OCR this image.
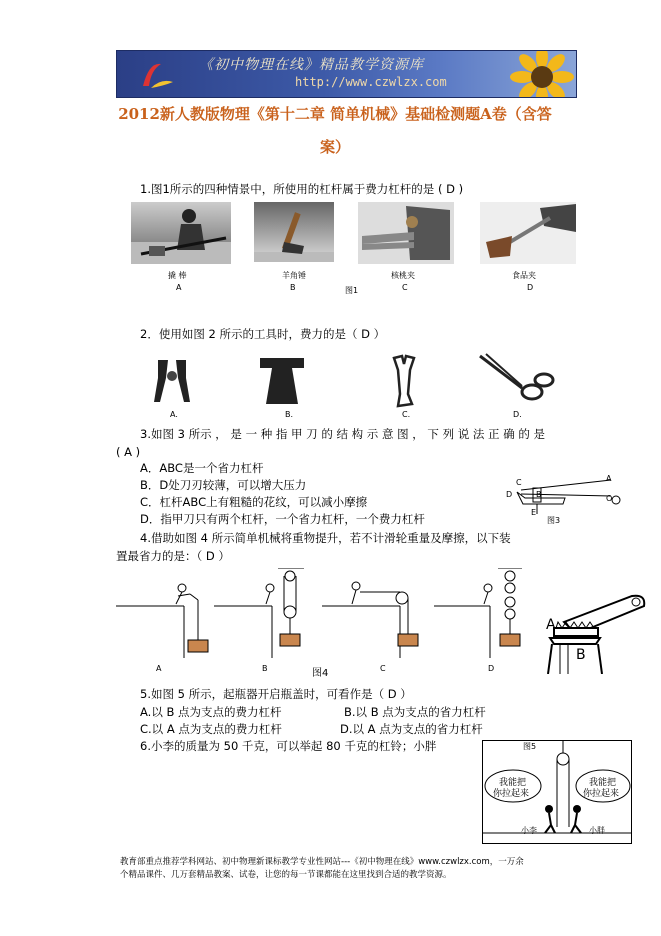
《初中物理在线》精品教学资源库
http://www.czwlzx.com
2012新人教版物理《第十二章 简单机械》基础检测题A卷（含答
案）
1.图1所示的四种情景中，所使用的杠杆属于费力杠杆的是 ( D )
撬 棒	羊角锤	核桃夹	食品夹
A	B	图1	C	D
2．使用如图 2 所示的工具时，费力的是（ D ）
A.	B.	C.	D.
3.如图 3 所示 ， 是 一 种 指 甲 刀 的 结 构 示 意 图 ， 下 列 说 法 正 确 的 是
( A )
A．ABC是一个省力杠杆
B．D处刀刃较薄，可以增大压力
C．杠杆ABC上有粗糙的花纹，可以减小摩擦
D．指甲刀只有两个杠杆，一个省力杠杆，一个费力杠杆
A
B
C
D	O
E
图3
4.借助如图 4 所示简单机械将重物提升，若不计滑轮重量及摩擦，以下装
置最省力的是：（ D ）
A	B	图4	C	D
A
B
5.如图 5 所示，起瓶器开启瓶盖时，可看作是（ D ）
A.以 B 点为支点的费力杠杆	B.以 B 点为支点的省力杠杆
C.以 A 点为支点的费力杠杆	D.以 A 点为支点的省力杠杆
6.小李的质量为 50 千克，可以举起 80 千克的杠铃；小胖	图5
我能把
你拉起来
我能把
你拉起来
小李	小胖
教育部重点推荐学科网站、初中物理新课标教学专业性网站---《初中物理在线》www.czwlzx.com，一万余
个精品课件、几万套精品教案、试卷，让您的每一节课都能在这里找到合适的教学资源。
